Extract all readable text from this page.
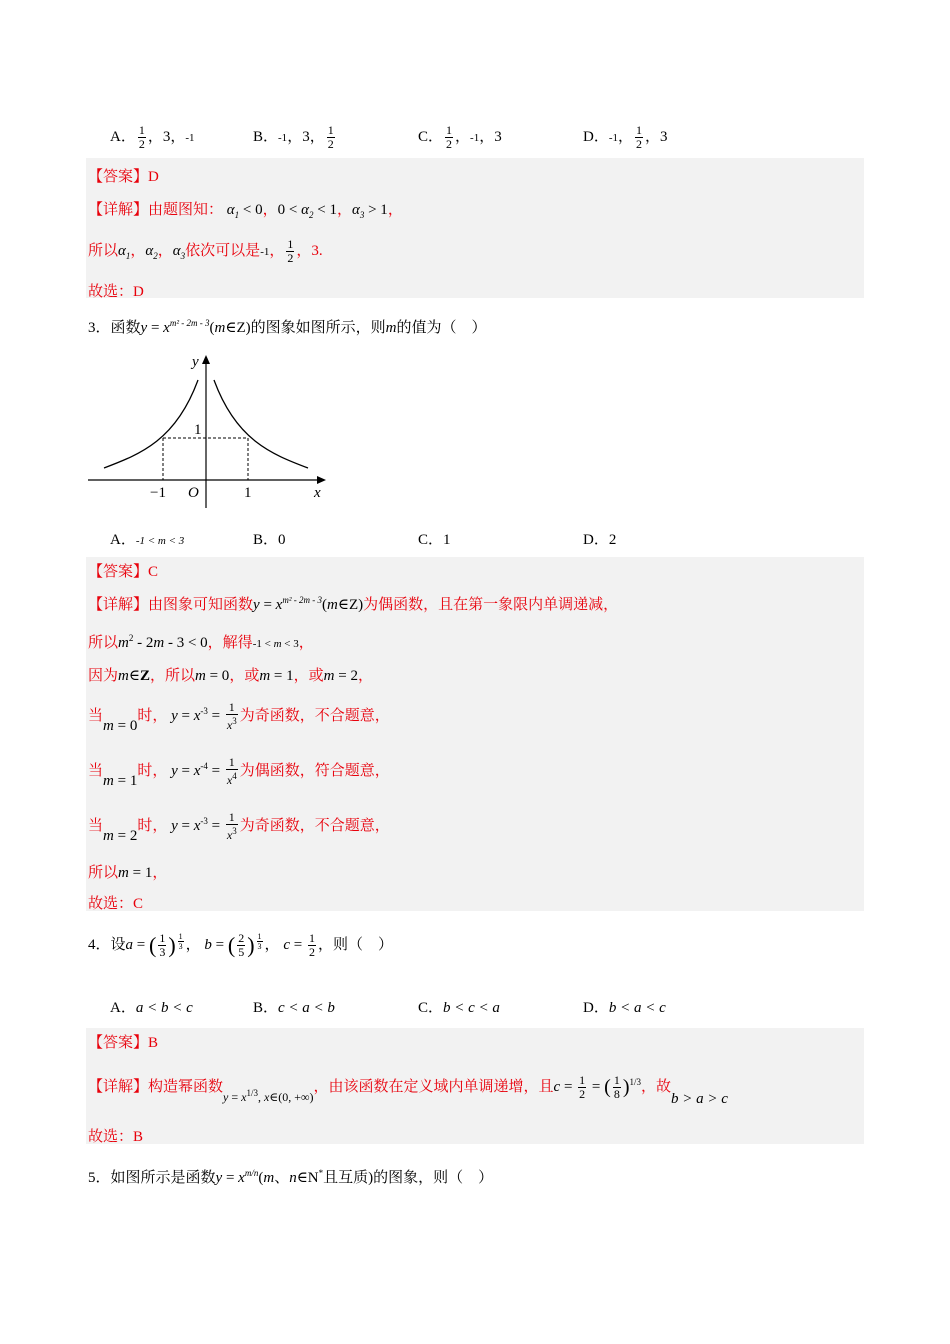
A． $\frac{1}{2}$ ，3，-1	B．-1，3， $\frac{1}{2}$	C． $\frac{1}{2}$ ，-1，3	D．-1， $\frac{1}{2}$ ，3
【答案】D
【详解】由题图知： $\alpha_1 < 0$，$0 < \alpha_2 < 1$，$\alpha_3 > 1$，
所以$\alpha_1$，$\alpha_2$，$\alpha_3$依次可以是-1， $\frac{1}{2}$ ，3.
故选：D
3．函数$y = x^{m^2 - 2m - 3}(m\in Z)$的图象如图所示，则m的值为（　）
y
x
O
−1	1
1
A．-1 < m < 3	B．0	C．1	D．2
【答案】C
【详解】由图象可知函数$y = x^{m^2 - 2m - 3}(m\in Z)$为偶函数，且在第一象限内单调递减，
所以$m^2 - 2m - 3 < 0$，解得-1 < m < 3，
因为m∈Z，所以m = 0，或m = 1，或m = 2，
当m = 0时， $y = x^{-3} = \frac{1}{x^3}$ 为奇函数，不合题意，
当m = 1时， $y = x^{-4} = \frac{1}{x^4}$ 为偶函数，符合题意，
当m = 2时， $y = x^{-3} = \frac{1}{x^3}$ 为奇函数，不合题意，
所以m = 1，
故选：C
4．设a = ( $\frac{1}{3}$ ) $^{\frac{1}{3}}$ ， b = ( $\frac{2}{5}$ ) $^{\frac{1}{3}}$ ， $c = \frac{1}{2}$ ，则（　）
A．a < b < c	B．c < a < b	C．b < c < a	D．b < a < c
【答案】B
【详解】构造幂函数$_{y = x^{1/3}, x\in(0, +\infty)}$，由该函数在定义域内单调递增，且$c = \frac{1}{2}$ = ( $\frac{1}{8} )^{1/3}$，故b > a > c
故选：B
5．如图所示是函数$y = x^{m/n}(m$、n∈N*且互质)的图象，则（　）
